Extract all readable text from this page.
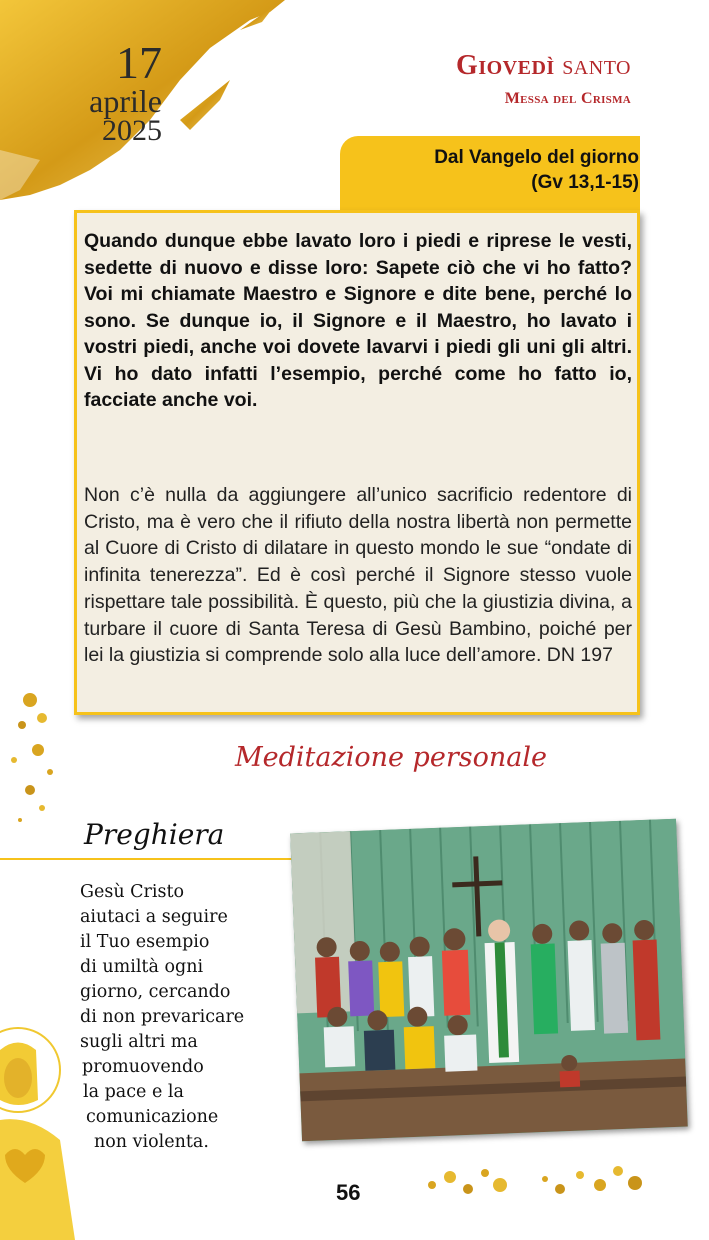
17
aprile
2025
Giovedì santo
Messa del Crisma
Dal Vangelo del giorno
(Gv 13,1-15)

Quando dunque ebbe lavato loro i piedi e riprese le vesti, sedette di nuovo e disse loro: Sapete ciò che vi ho fatto? Voi mi chiamate Maestro e Signore e dite bene, perché lo sono. Se dunque io, il Signore e il Maestro, ho lavato i vostri piedi, anche voi dovete lavarvi i piedi gli uni gli altri. Vi ho dato infatti l’esempio, perché come ho fatto io, facciate anche voi.

Non c’è nulla da aggiungere all’unico sacrificio redentore di Cristo, ma è vero che il rifiuto della nostra libertà non permette al Cuore di Cristo di dilatare in questo mondo le sue “ondate di infinita tenerezza”. Ed è così perché il Signore stesso vuole rispettare tale possibilità. È questo, più che la giustizia divina, a turbare il cuore di Santa Teresa di Gesù Bambino, poiché per lei la giustizia si comprende solo alla luce dell’amore. DN 197

Meditazione personale
Preghiera
Gesù Cristo
aiutaci a seguire
il Tuo esempio
di umiltà ogni
giorno, cercando
di non prevaricare
sugli altri ma
promuovendo
la pace e la
comunicazione
non violenta.
56
